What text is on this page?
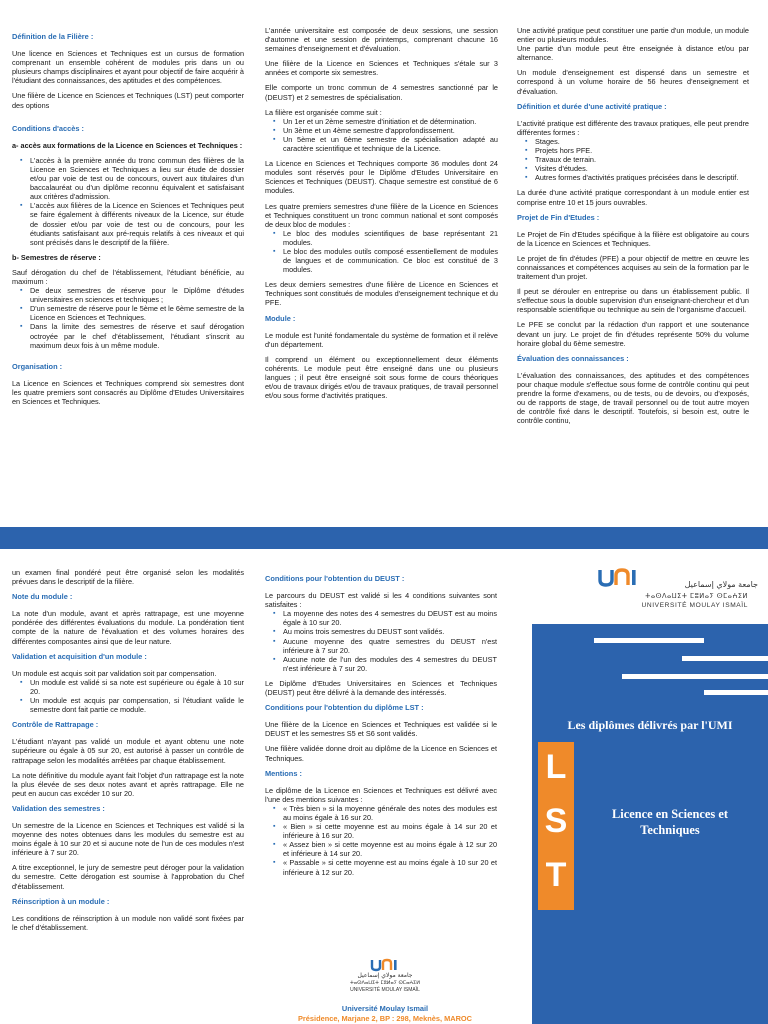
Définition de la Filière :

Une licence en Sciences et Techniques est un cursus de formation comprenant un ensemble cohérent de modules pris dans un ou plusieurs champs disciplinaires et ayant pour objectif de faire acquérir à l'étudiant des connaissances, des aptitudes et des compétences.

Une filière de Licence en Sciences et Techniques (LST) peut comporter des options

Conditions d'accès :

a- accès aux formations de la Licence en Sciences et Techniques :

▪ L'accès à la première année du tronc commun des filières de la Licence en Sciences et Techniques a lieu sur étude de dossier et/ou par voie de test ou de concours, ouvert aux titulaires d'un baccalauréat ou d'un diplôme reconnu équivalent et satisfaisant aux critères d'admission.
▪ L'accès aux filières de la Licence en Sciences et Techniques peut se faire également à différents niveaux de la Licence, sur étude de dossier et/ou par voie de test ou de concours, pour les étudiants satisfaisant aux pré-requis relatifs à ces niveaux et qui sont précisés dans le descriptif de la filière.

b- Semestres de réserve :

Sauf dérogation du chef de l'établissement, l'étudiant bénéficie, au maximum :

▪ De deux semestres de réserve pour le Diplôme d'études universitaires en sciences et techniques ;
▪ D'un semestre de réserve pour le 5ème et le 6ème semestre de la Licence en Sciences et Techniques.
▪ Dans la limite des semestres de réserve et sauf dérogation octroyée par le chef d'établissement, l'étudiant s'inscrit au maximum deux fois à un même module.
Organisation :

La Licence en Sciences et Techniques comprend six semestres dont les quatre premiers sont consacrés au Diplôme d'Etudes Universitaires en Sciences et Techniques.

L'année universitaire est composée de deux sessions, une session d'automne et une session de printemps, comprenant chacune 16 semaines d'enseignement et d'évaluation.

Une filière de la Licence en Sciences et Techniques s'étale sur 3 années et comporte six semestres.

Elle comporte un tronc commun de 4 semestres sanctionné par le (DEUST) et 2 semestres de spécialisation.

La filière est organisée comme suit :

▪ Un 1er et un 2ème semestre d'initiation et de détermination.
▪ Un 3ème et un 4ème semestre d'approfondissement.
▪ Un 5ème et un 6ème semestre de spécialisation adapté au caractère scientifique et technique de la Licence.

La Licence en Sciences et Techniques comporte 36 modules dont 24 modules sont réservés pour le Diplôme d'Etudes Universitaire en Sciences et Techniques (DEUST). Chaque semestre est constitué de 6 modules.

Les quatre premiers semestres d'une filière de la Licence en Sciences et Techniques constituent un tronc commun national et sont composés de deux bloc de modules :

▪ Le bloc des modules scientifiques de base représentant 21 modules.
▪ Le bloc des modules outils composé essentiellement de modules de langues et de communication. Ce bloc est constitué de 3 modules.

Les deux derniers semestres d'une filière de Licence en Sciences et Techniques sont constitués de modules d'enseignement technique et du PFE.

Module :

Le module est l'unité fondamentale du système de formation et il relève d'un département.

Il comprend un élément ou exceptionnellement deux éléments cohérents. Le module peut être enseigné dans une ou plusieurs langues ; il peut être enseigné soit sous forme de cours théoriques et/ou de travaux dirigés et/ou de travaux pratiques, de travail personnel et/ou sous forme d'activités pratiques.

Une activité pratique peut constituer une partie d'un module, un module entier ou plusieurs modules.

Une partie d'un module peut être enseignée à distance et/ou par alternance.

Un module d'enseignement est dispensé dans un semestre et correspond à un volume horaire de 56 heures d'enseignement et d'évaluation.

Définition et durée d'une activité pratique :

L'activité pratique est différente des travaux pratiques, elle peut prendre différentes formes :

▪ Stages.
▪ Projets hors PFE.
▪ Travaux de terrain.
▪ Visites d'études.
▪ Autres formes d'activités pratiques précisées dans le descriptif.

La durée d'une activité pratique correspondant à un module entier est comprise entre 10 et 15 jours ouvrables.

Projet de Fin d'Etudes :

Le Projet de Fin d'Etudes spécifique à la filière est obligatoire au cours de la Licence en Sciences et Techniques.

Le projet de fin d'études (PFE) a pour objectif de mettre en œuvre les connaissances et compétences acquises au sein de la formation par le traitement d'un projet.

Il peut se dérouler en entreprise ou dans un établissement public. Il s'effectue sous la double supervision d'un enseignant-chercheur et d'un responsable scientifique ou technique au sein de l'organisme d'accueil.

Le PFE se conclut par la rédaction d'un rapport et une soutenance devant un jury. Le projet de fin d'études représente 50% du volume horaire global du 6ème semestre.

Évaluation des connaissances :

L'évaluation des connaissances, des aptitudes et des compétences pour chaque module s'effectue sous forme de contrôle continu qui peut prendre la forme d'examens, ou de tests, ou de devoirs, ou d'exposés, ou de rapports de stage, de travail personnel ou de tout autre moyen de contrôle fixé dans le descriptif. Toutefois, si besoin est, outre le contrôle continu,

un examen final pondéré peut être organisé selon les modalités prévues dans le descriptif de la filière.

Note du module :

La note d'un module, avant et après rattrapage, est une moyenne pondérée des différentes évaluations du module. La pondération tient compte de la nature de l'évaluation et des volumes horaires des différentes composantes ainsi que de leur nature.

Validation et acquisition d'un module :

Un module est acquis soit par validation soit par compensation.

▪ Un module est validé si sa note est supérieure ou égale à 10 sur 20.
▪ Un module est acquis par compensation, si l'étudiant valide le semestre dont fait partie ce module.
Contrôle de Rattrapage :

L'étudiant n'ayant pas validé un module et ayant obtenu une note supérieure ou égale à 05 sur 20, est autorisé à passer un contrôle de rattrapage selon les modalités arrêtées par chaque établissement.

La note définitive du module ayant fait l'objet d'un rattrapage est la note la plus élevée de ses deux notes avant et après rattrapage. Elle ne peut en aucun cas excéder 10 sur 20.

Validation des semestres :

Un semestre de la Licence en Sciences et Techniques est validé si la moyenne des notes obtenues dans les modules du semestre est au moins égale à 10 sur 20 et si aucune note de l'un de ces modules n'est inférieure à 7 sur 20.

A titre exceptionnel, le jury de semestre peut déroger pour la validation du semestre. Cette dérogation est soumise à l'approbation du Chef d'établissement.

Réinscription à un module :

Les conditions de réinscription à un module non validé sont fixées par le chef d'établissement.

Conditions pour l'obtention du DEUST :

Le parcours du DEUST est validé si les 4 conditions suivantes sont satisfaites :

▪ La moyenne des notes des 4 semestres du DEUST est au moins égale à 10 sur 20.
▪ Au moins trois semestres du DEUST sont validés.
▪ Aucune moyenne des quatre semestres du DEUST n'est inférieure à 7 sur 20.
▪ Aucune note de l'un des modules des 4 semestres du DEUST n'est inférieure à 7 sur 20.

Le Diplôme d'Etudes Universitaires en Sciences et Techniques (DEUST) peut être délivré à la demande des intéressés.

Conditions pour l'obtention du diplôme LST :

Une filière de la Licence en Sciences et Techniques est validée si le DEUST et les semestres S5 et S6 sont validés.

Une filière validée donne droit au diplôme de la Licence en Sciences et Techniques.

Mentions :

Le diplôme de la Licence en Sciences et Techniques est délivré avec l'une des mentions suivantes :

▪ « Très bien » si la moyenne générale des notes des modules est au moins égale à 16 sur 20.
▪ « Bien » si cette moyenne est au moins égale à 14 sur 20 et inférieure à 16 sur 20.
▪ « Assez bien » si cette moyenne est au moins égale à 12 sur 20 et inférieure à 14 sur 20.
▪ « Passable » si cette moyenne est au moins égale à 10 sur 20 et inférieure à 12 sur 20.
جامعة مولاي إسماعيل
ⵜⴰⵙⴷⴰⵡⵉⵜ ⵎⵓⵍⴰⵢ ⵙⵎⴰⵄⵉⵍ
UNIVERSITÉ MOULAY ISMAÏL
Université Moulay Ismail
Présidence, Marjane 2, BP : 298, Meknès, MAROC
جامعة مولاي إسماعيل
ⵜⴰⵙⴷⴰⵡⵉⵜ ⵎⵓⵍⴰⵢ ⵙⵎⴰⵄⵉⵍ
UNIVERSITÉ MOULAY ISMAÏL
Les diplômes délivrés par l'UMI
L
S
T
Licence en Sciences et Techniques
